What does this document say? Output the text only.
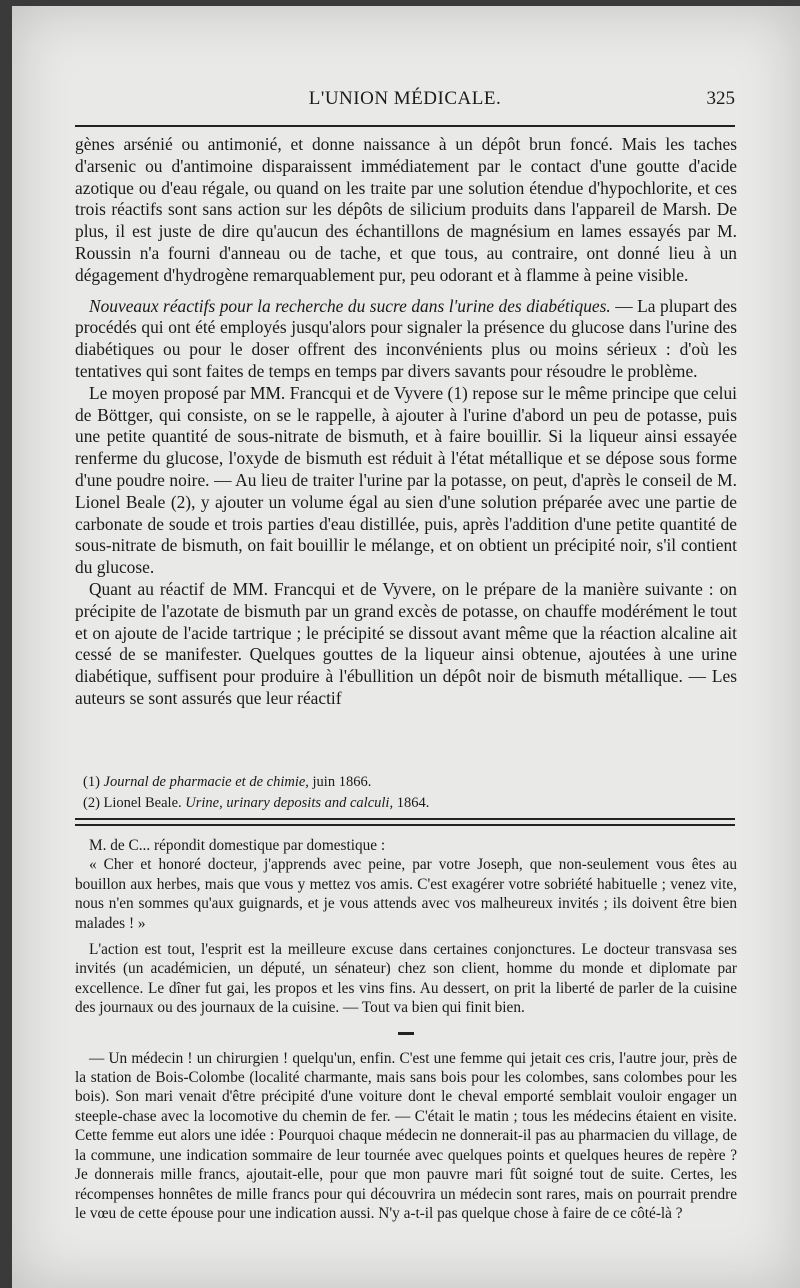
L'UNION MÉDICALE.	325

gènes arsénié ou antimonié, et donne naissance à un dépôt brun foncé. Mais les taches d'arsenic ou d'antimoine disparaissent immédiatement par le contact d'une goutte d'acide azotique ou d'eau régale, ou quand on les traite par une solution étendue d'hypochlorite, et ces trois réactifs sont sans action sur les dépôts de silicium produits dans l'appareil de Marsh. De plus, il est juste de dire qu'aucun des échantillons de magnésium en lames essayés par M. Roussin n'a fourni d'anneau ou de tache, et que tous, au contraire, ont donné lieu à un dégagement d'hydrogène remarquablement pur, peu odorant et à flamme à peine visible.

Nouveaux réactifs pour la recherche du sucre dans l'urine des diabétiques. — La plupart des procédés qui ont été employés jusqu'alors pour signaler la présence du glucose dans l'urine des diabétiques ou pour le doser offrent des inconvénients plus ou moins sérieux : d'où les tentatives qui sont faites de temps en temps par divers savants pour résoudre le problème.

Le moyen proposé par MM. Francqui et de Vyvere (1) repose sur le même principe que celui de Böttger, qui consiste, on se le rappelle, à ajouter à l'urine d'abord un peu de potasse, puis une petite quantité de sous-nitrate de bismuth, et à faire bouillir. Si la liqueur ainsi essayée renferme du glucose, l'oxyde de bismuth est réduit à l'état métallique et se dépose sous forme d'une poudre noire. — Au lieu de traiter l'urine par la potasse, on peut, d'après le conseil de M. Lionel Beale (2), y ajouter un volume égal au sien d'une solution préparée avec une partie de carbonate de soude et trois parties d'eau distillée, puis, après l'addition d'une petite quantité de sous-nitrate de bismuth, on fait bouillir le mélange, et on obtient un précipité noir, s'il contient du glucose.

Quant au réactif de MM. Francqui et de Vyvere, on le prépare de la manière suivante : on précipite de l'azotate de bismuth par un grand excès de potasse, on chauffe modérément le tout et on ajoute de l'acide tartrique ; le précipité se dissout avant même que la réaction alcaline ait cessé de se manifester. Quelques gouttes de la liqueur ainsi obtenue, ajoutées à une urine diabétique, suffisent pour produire à l'ébullition un dépôt noir de bismuth métallique. — Les auteurs se sont assurés que leur réactif

(1) Journal de pharmacie et de chimie, juin 1866.

(2) Lionel Beale. Urine, urinary deposits and calculi, 1864.

M. de C... répondit domestique par domestique :

« Cher et honoré docteur, j'apprends avec peine, par votre Joseph, que non-seulement vous êtes au bouillon aux herbes, mais que vous y mettez vos amis. C'est exagérer votre sobriété habituelle ; venez vite, nous n'en sommes qu'aux guignards, et je vous attends avec vos malheureux invités ; ils doivent être bien malades ! »

L'action est tout, l'esprit est la meilleure excuse dans certaines conjonctures. Le docteur transvasa ses invités (un académicien, un député, un sénateur) chez son client, homme du monde et diplomate par excellence. Le dîner fut gai, les propos et les vins fins. Au dessert, on prit la liberté de parler de la cuisine des journaux ou des journaux de la cuisine. — Tout va bien qui finit bien.

— Un médecin ! un chirurgien ! quelqu'un, enfin. C'est une femme qui jetait ces cris, l'autre jour, près de la station de Bois-Colombe (localité charmante, mais sans bois pour les colombes, sans colombes pour les bois). Son mari venait d'être précipité d'une voiture dont le cheval emporté semblait vouloir engager un steeple-chase avec la locomotive du chemin de fer. — C'était le matin ; tous les médecins étaient en visite. Cette femme eut alors une idée : Pourquoi chaque médecin ne donnerait-il pas au pharmacien du village, de la commune, une indication sommaire de leur tournée avec quelques points et quelques heures de repère ? Je donnerais mille francs, ajoutait-elle, pour que mon pauvre mari fût soigné tout de suite. Certes, les récompenses honnêtes de mille francs pour qui découvrira un médecin sont rares, mais on pourrait prendre le vœu de cette épouse pour une indication aussi. N'y a-t-il pas quelque chose à faire de ce côté-là ?
